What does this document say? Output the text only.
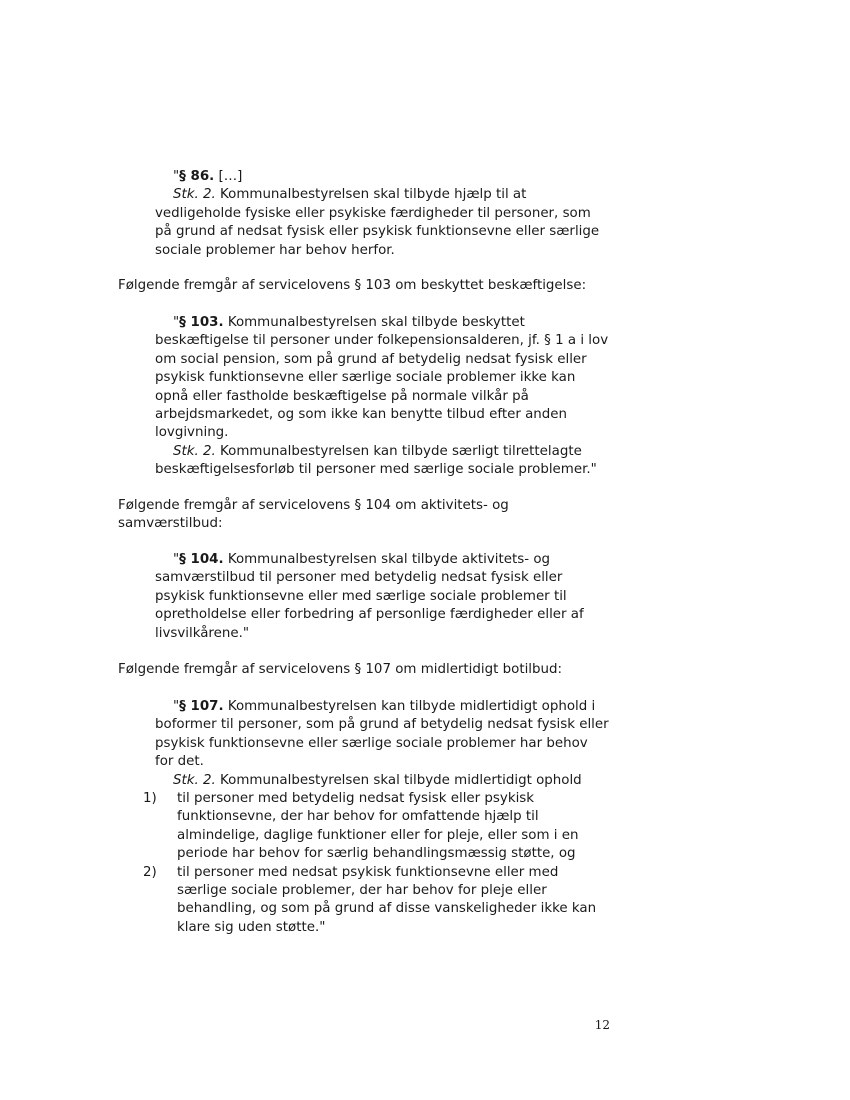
"§ 86. […]

Stk. 2. Kommunalbestyrelsen skal tilbyde hjælp til at vedligeholde fysiske eller psykiske færdigheder til personer, som på grund af nedsat fysisk eller psykisk funktionsevne eller særlige sociale problemer har behov herfor.

Følgende fremgår af servicelovens § 103 om beskyttet beskæftigelse:

"§ 103. Kommunalbestyrelsen skal tilbyde beskyttet beskæftigelse til personer under folkepensionsalderen, jf. § 1 a i lov om social pension, som på grund af betydelig nedsat fysisk eller psykisk funktionsevne eller særlige sociale problemer ikke kan opnå eller fastholde beskæftigelse på normale vilkår på arbejdsmarkedet, og som ikke kan benytte tilbud efter anden lovgivning.

Stk. 2. Kommunalbestyrelsen kan tilbyde særligt tilrettelagte beskæftigelsesforløb til personer med særlige sociale problemer."

Følgende fremgår af servicelovens § 104 om aktivitets- og samværstilbud:

"§ 104. Kommunalbestyrelsen skal tilbyde aktivitets- og samværstilbud til personer med betydelig nedsat fysisk eller psykisk funktionsevne eller med særlige sociale problemer til opretholdelse eller forbedring af personlige færdigheder eller af livsvilkårene."

Følgende fremgår af servicelovens § 107 om midlertidigt botilbud:

"§ 107. Kommunalbestyrelsen kan tilbyde midlertidigt ophold i boformer til personer, som på grund af betydelig nedsat fysisk eller psykisk funktionsevne eller særlige sociale problemer har behov for det.

Stk. 2. Kommunalbestyrelsen skal tilbyde midlertidigt ophold

1) til personer med betydelig nedsat fysisk eller psykisk funktionsevne, der har behov for omfattende hjælp til almindelige, daglige funktioner eller for pleje, eller som i en periode har behov for særlig behandlingsmæssig støtte, og
2) til personer med nedsat psykisk funktionsevne eller med særlige sociale problemer, der har behov for pleje eller behandling, og som på grund af disse vanskeligheder ikke kan klare sig uden støtte."
12
